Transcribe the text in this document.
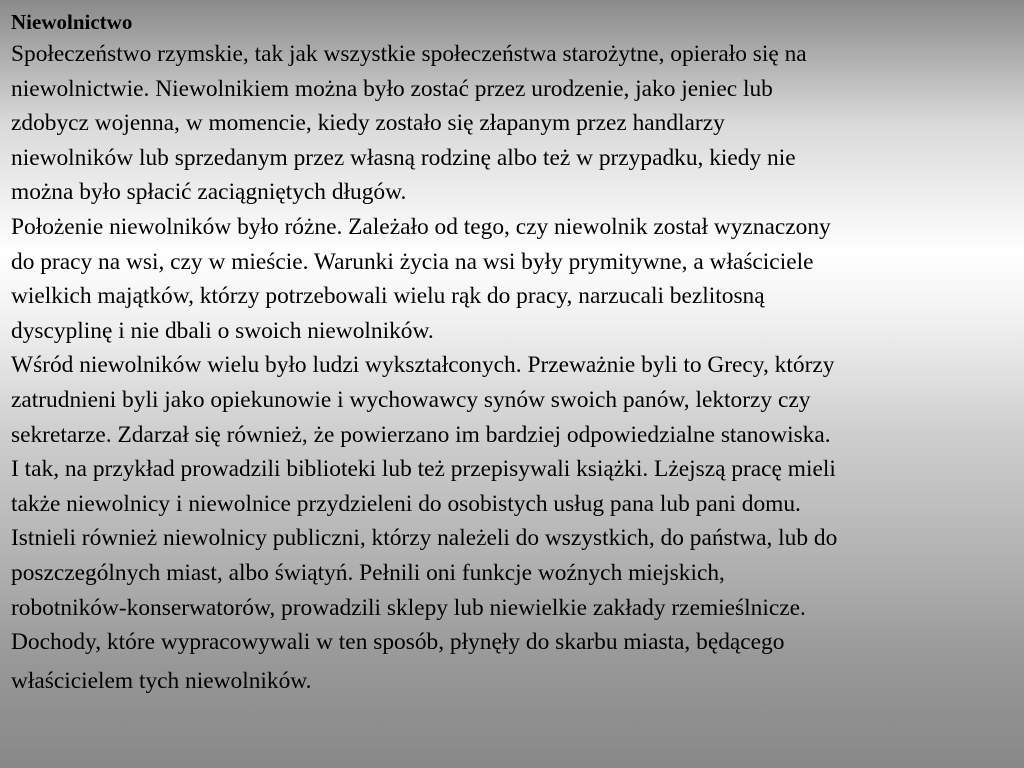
Niewolnictwo

Społeczeństwo rzymskie, tak jak wszystkie społeczeństwa starożytne, opierało się na

niewolnictwie. Niewolnikiem można było zostać przez urodzenie, jako jeniec lub

zdobycz wojenna, w momencie, kiedy zostało się złapanym przez handlarzy

niewolników lub sprzedanym przez własną rodzinę albo też w przypadku, kiedy nie

można było spłacić zaciągniętych długów.

Położenie niewolników było różne. Zależało od tego, czy niewolnik został wyznaczony

do pracy na wsi, czy w mieście. Warunki życia na wsi były prymitywne, a właściciele

wielkich majątków, którzy potrzebowali wielu rąk do pracy, narzucali bezlitosną

dyscyplinę i nie dbali o swoich niewolników.

Wśród niewolników wielu było ludzi wykształconych. Przeważnie byli to Grecy, którzy

zatrudnieni byli jako opiekunowie i wychowawcy synów swoich panów, lektorzy czy

sekretarze. Zdarzał się również, że powierzano im bardziej odpowiedzialne stanowiska.

I tak, na przykład prowadzili biblioteki lub też przepisywali książki. Lżejszą pracę mieli

także niewolnicy i niewolnice przydzieleni do osobistych usług pana lub pani domu.

Istnieli również niewolnicy publiczni, którzy należeli do wszystkich, do państwa, lub do

poszczególnych miast, albo świątyń. Pełnili oni funkcje woźnych miejskich,

robotników-konserwatorów, prowadzili sklepy lub niewielkie zakłady rzemieślnicze.

Dochody, które wypracowywali w ten sposób, płynęły do skarbu miasta, będącego

właścicielem tych niewolników.
